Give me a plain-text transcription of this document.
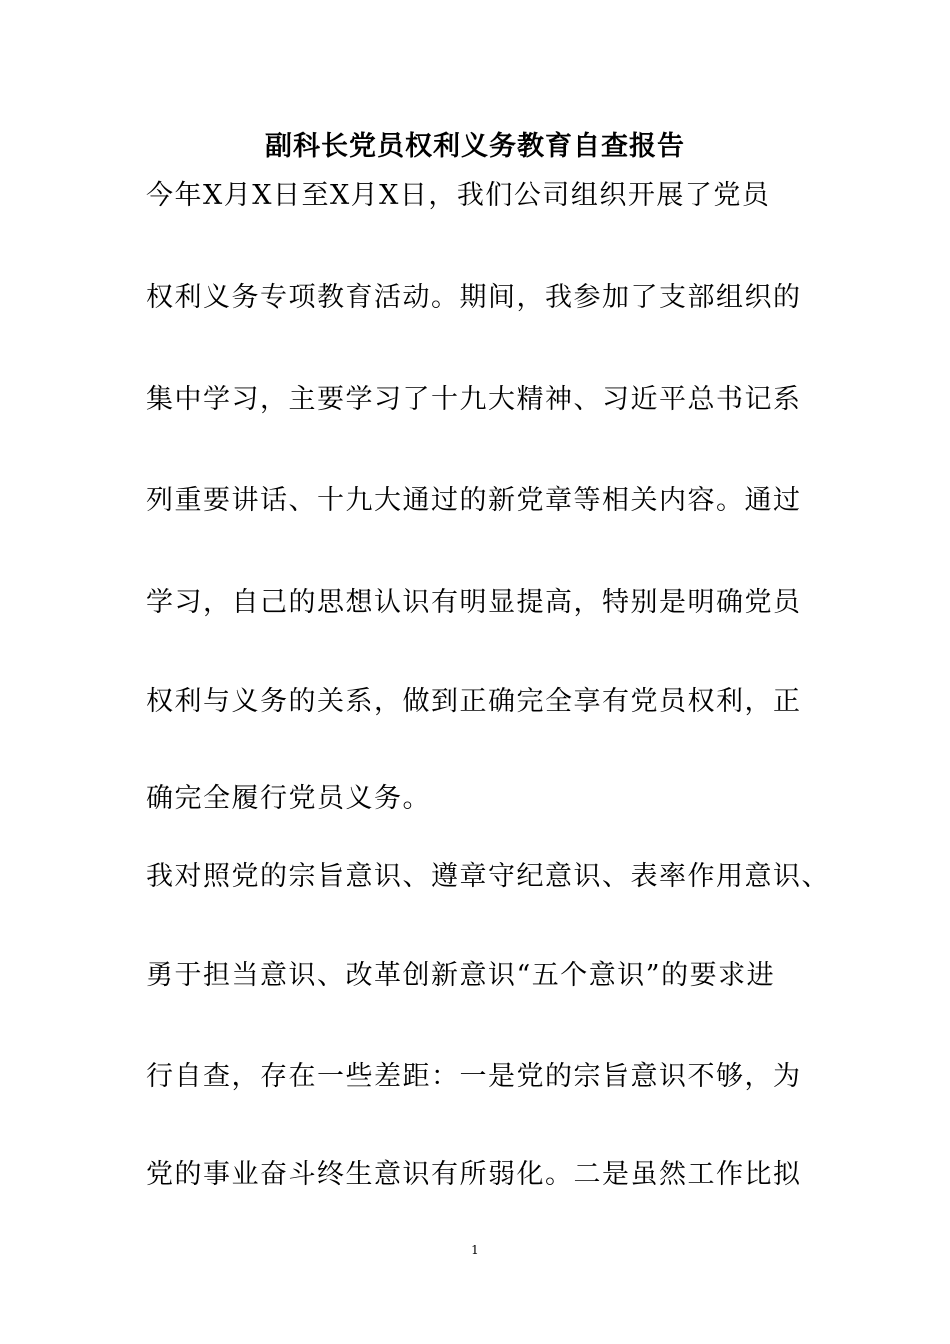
副科长党员权利义务教育自查报告
今年X月X日至X月X日，我们公司组织开展了党员
权利义务专项教育活动。期间，我参加了支部组织的
集中学习，主要学习了十九大精神、习近平总书记系
列重要讲话、十九大通过的新党章等相关内容。通过
学习，自己的思想认识有明显提高，特别是明确党员
权利与义务的关系，做到正确完全享有党员权利，正
确完全履行党员义务。
我对照党的宗旨意识、遵章守纪意识、表率作用意识、
勇于担当意识、改革创新意识“五个意识”的要求进
行自查，存在一些差距：一是党的宗旨意识不够，为
党的事业奋斗终生意识有所弱化。二是虽然工作比拟
1
